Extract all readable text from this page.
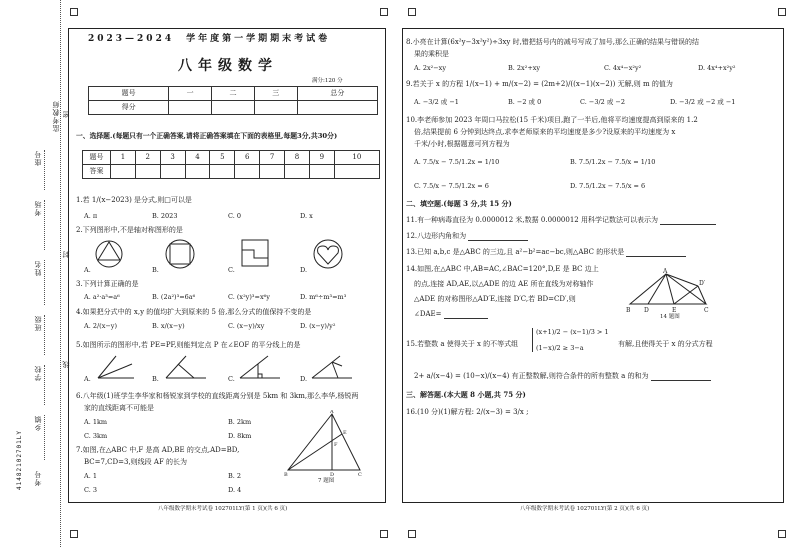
密
封
线
监考教师
座号
考场
姓名
班级
学校
乡镇
考号
41482102701LY
2023—2024　学年度第一学期期末考试卷
八年级数学
满分:120 分
题号	一	二	三	总分
得分				
一、选择题.(每题只有一个正确答案,请将正确答案填在下面的表格里,每题3分,共30分)
题号	1	2	3	4	5	6	7	8	9	10
答案										
1.若 1/(x−2023) 是分式,则□可以是
A. π	B. 2023	C. 0	D. x
2.下列图形中,不是轴对称图形的是
A.	B.	C.	D.
3.下列计算正确的是
A. a²·a³=a⁶	B. (2a²)³=6a⁶	C. (x²y)³=x⁶y	D. m⁶÷m³=m³
4.如果把分式中的 x,y 的值均扩大到原来的 5 倍,那么分式的值保持不变的是
A. 2/(x−y)	B. x/(x−y)	C. (x−y)/xy	D. (x−y)/y²
5.如图所示的图形中,若 PE=PF,则能判定点 P 在∠EOF 的平分线上的是
A.	B.	C.	D.
6.八年级(1)班学生李华家和杨锐家到学校的直线距离分别是 5km 和 3km,那么李华,杨锐两
家的直线距离不可能是
A. 1km	B. 2km
C. 3km	D. 8km
7.如图,在△ABC 中,F 是高 AD,BE 的交点,AD=BD,
BC=7,CD=3,则线段 AF 的长为
A. 1	B. 2
C. 3	D. 4
A
B	D	C
E
F
7 题图
八年级数学期末考试卷 102701LY(第 1 页)(共 6 页)
8.小亮在计算(6x²y−3x²y²)÷3xy 时,错把括号内的减号写成了加号,那么正确的结果与错误的结
果的乘积是
A. 2x²−xy	B. 2x²+xy	C. 4x⁴−x²y²	D. 4x⁴+x²y²
9.若关于 x 的方程 1/(x−1) + m/(x−2) = (2m+2)/((x−1)(x−2)) 无解,则 m 的值为
A. −3/2 或 −1	B. −2 或 0	C. −3/2 或 −2	D. −3/2 或 −2 或 −1
10.李老师参加 2023 年周口马拉松(15 千米)项目,跑了一半后,他将平均速度提高到原来的 1.2
倍,结果提前 6 分钟到达终点,求李老师原来的平均速度是多少?设原来的平均速度为 x
千米/小时,根据题意可列方程为
A. 7.5/x − 7.5/1.2x = 1/10	B. 7.5/1.2x − 7.5/x = 1/10
C. 7.5/x − 7.5/1.2x = 6	D. 7.5/1.2x − 7.5/x = 6
二、填空题.(每题 3 分,共 15 分)
11.有一种病毒直径为 0.0000012 米,数据 0.0000012 用科学记数法可以表示为
12.八边形内角和为
13.已知 a,b,c 是△ABC 的三边,且 a²−b²=ac−bc,则△ABC 的形状是
14.如图,在△ABC 中,AB=AC,∠BAC=120°,D,E 是 BC 边上
的点,连接 AD,AE,以△ADE 的边 AE 所在直线为对称轴作
△ADE 的对称图形△AD′E,连接 D′C,若 BD=CD′,则
∠DAE=
A
D′
B D	E	C
14 题图
15.若整数 a 使得关于 x 的不等式组
(x+1)/2 − (x−1)/3 > 1
(1−x)/2 ≥ 3−a
有解,且使得关于 x 的分式方程
2+ a/(x−4) = (10−x)/(x−4) 有正整数解,则符合条件的所有整数 a 的和为
三、解答题.(本大题 8 小题,共 75 分)
16.(10 分)(1)解方程: 2/(x−3) = 3/x ;
八年级数学期末考试卷 102701LY(第 2 页)(共 6 页)
